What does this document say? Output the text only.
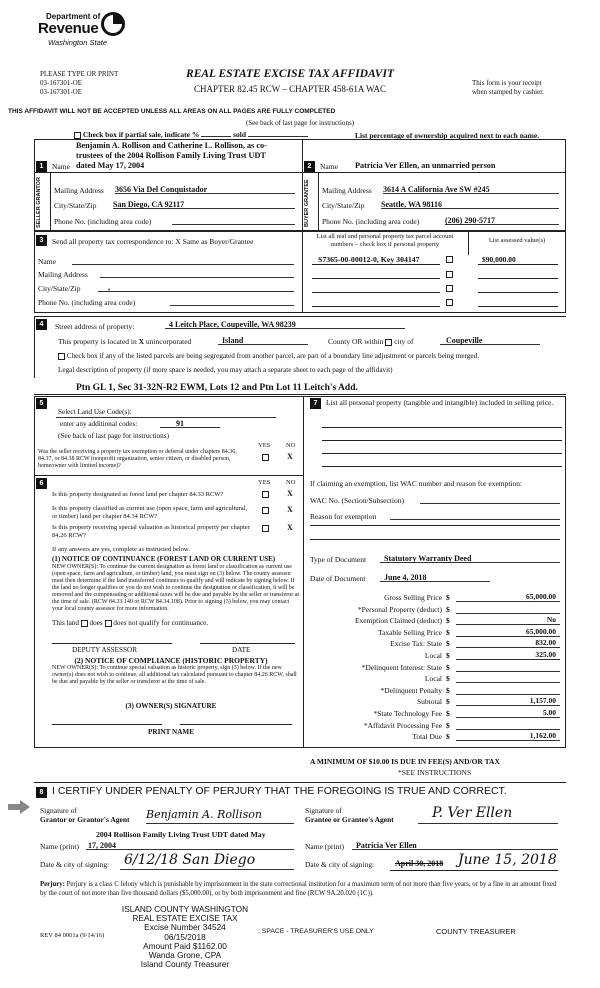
Department of
Revenue
Washington State
PLEASE TYPE OR PRINT
03-167301-OE
03-167301-OE
REAL ESTATE EXCISE TAX AFFIDAVIT
CHAPTER 82.45 RCW – CHAPTER 458-61A WAC
This form is your receipt
when stamped by cashier.
THIS AFFIDAVIT WILL NOT BE ACCEPTED UNLESS ALL AREAS ON ALL PAGES ARE FULLY COMPLETED
(See back of last page for instructions)
Check box if partial sale, indicate %	sold	List percentage of ownership acquired next to each name.
1	Name
Benjamin A. Rollison and Catherine L. Rollison, as co-
trustees of the 2004 Rollison Family Living Trust UDT
dated May 17, 2004
SELLER GRANTOR	Mailing Address 3656 Via Del Conquistador
City/State/Zip San Diego, CA 92117
Phone No. (including area code)
2	Name Patricia Ver Ellen, an unmarried person
BUYER GRANTEE	Mailing Address 3614 A California Ave SW #245
City/State/Zip Seattle, WA 98116
Phone No. (including area code)	(206) 290-5717
3	Send all property tax correspondence to: X Same as Buyer/Grantee
Name
Mailing Address
City/State/Zip	,
Phone No. (including area code)
List all real and personal property tax parcel account numbers – check box if personal property	List assessed value(s)
S7365-00-00012-0, Key 304147	$90,000.00
4	Street address of property:	4 Leitch Place, Coupeville, WA 98239
This property is located in X unincorporated	Island	County OR within city of	Coupeville
Check box if any of the listed parcels are being segregated from another parcel, are part of a boundary line adjustment or parcels being merged.
Legal description of property (if more space is needed, you may attach a separate sheet to each page of the affidavit)
Ptn GL 1, Sec 31-32N-R2 EWM, Lots 12 and Ptn Lot 11 Leitch's Add.
5
Select Land Use Code(s):
enter any additional codes:	91
(See back of last page for instructions)
YES NO
Was the seller receiving a property tax exemption or deferral under chapters 84.36, 84.37, or 84.38 RCW (nonprofit organization, senior citizen, or disabled person, homeowner with limited income)?
X
7	List all personal property (tangible and intangible) included in selling price.
If claiming an exemption, list WAC number and reason for exemption:
WAC No. (Section/Subsection)
Reason for exemption
Type of Document	Statutory Warranty Deed
Date of Document	June 4, 2018
Gross Selling Price $	65,000.00
*Personal Property (deduct) $
Exemption Claimed (deduct) $	No
Taxable Selling Price $	65,000.00
Excise Tax: State $	832.00
Local $	325.00
*Delinquent Interest: State $
Local $
*Delinquent Penalty $
Subtotal $	1,157.00
*State Technology Fee $	5.00
*Affidavit Processing Fee $
Total Due $	1,162.00
A MINIMUM OF $10.00 IS DUE IN FEE(S) AND/OR TAX
*SEE INSTRUCTIONS
6	YES NO
Is this property designated as forest land per chapter 84.33 RCW?	X
Is this property classified as current use (open space, farm and agricultural, or timber) land per chapter 84.34 RCW?
X
Is this property receiving special valuation as historical property per chapter 84.26 RCW?
X
If any answers are yes, complete as instructed below.
(1) NOTICE OF CONTINUANCE (FOREST LAND OR CURRENT USE)
NEW OWNER(S): To continue the current designation as forest land or classification as current use (open space, farm and agriculture, or timber) land, you must sign on (3) below. The county assessor must then determine if the land transferred continues to qualify and will indicate by signing below. If the land no longer qualifies or you do not wish to continue the designation or classification, it will be removed and the compensating or additional taxes will be due and payable by the seller or transferor at the time of sale. (RCW 84.33.140 or RCW 84.34.108). Prior to signing (3) below, you may contact your local county assessor for more information.
This land does does not qualify for continuance.
DEPUTY ASSESSOR	DATE
(2) NOTICE OF COMPLIANCE (HISTORIC PROPERTY)
NEW OWNER(S): To continue special valuation as historic property, sign (3) below. If the new owner(s) does not wish to continue, all additional tax calculated pursuant to chapter 84.26 RCW, shall be due and payable by the seller or transferor at the time of sale.
(3) OWNER(S) SIGNATURE
PRINT NAME
8 I CERTIFY UNDER PENALTY OF PERJURY THAT THE FOREGOING IS TRUE AND CORRECT.
Signature of
Grantor or Grantor's Agent Benjamin A. Rollison	Signature of
Grantee or Grantee's Agent	P. Ver Ellen
2004 Rollison Family Living Trust UDT dated May
Name (print) 17, 2004	Name (print)	Patricia Ver Ellen
Date & city of signing: 6/12/18 San Diego	Date & city of signing:	April 30, 2018 June 15, 2018
Perjury: Perjury is a class C felony which is punishable by imprisonment in the state correctional institution for a maximum term of not more than five years, or by a fine in an amount fixed by the court of not more than five thousand dollars ($5,000.00), or by both imprisonment and fine (RCW 9A.20.020 (1C)).
REV 84 0001a (9/14/16)
ISLAND COUNTY WASHINGTON
REAL ESTATE EXCISE TAX
Excise Number 34524
06/15/2018
Amount Paid $1162.00
Wanda Grone, CPA
Island County Treasurer
; SPACE - TREASURER'S USE ONLY	COUNTY TREASURER
